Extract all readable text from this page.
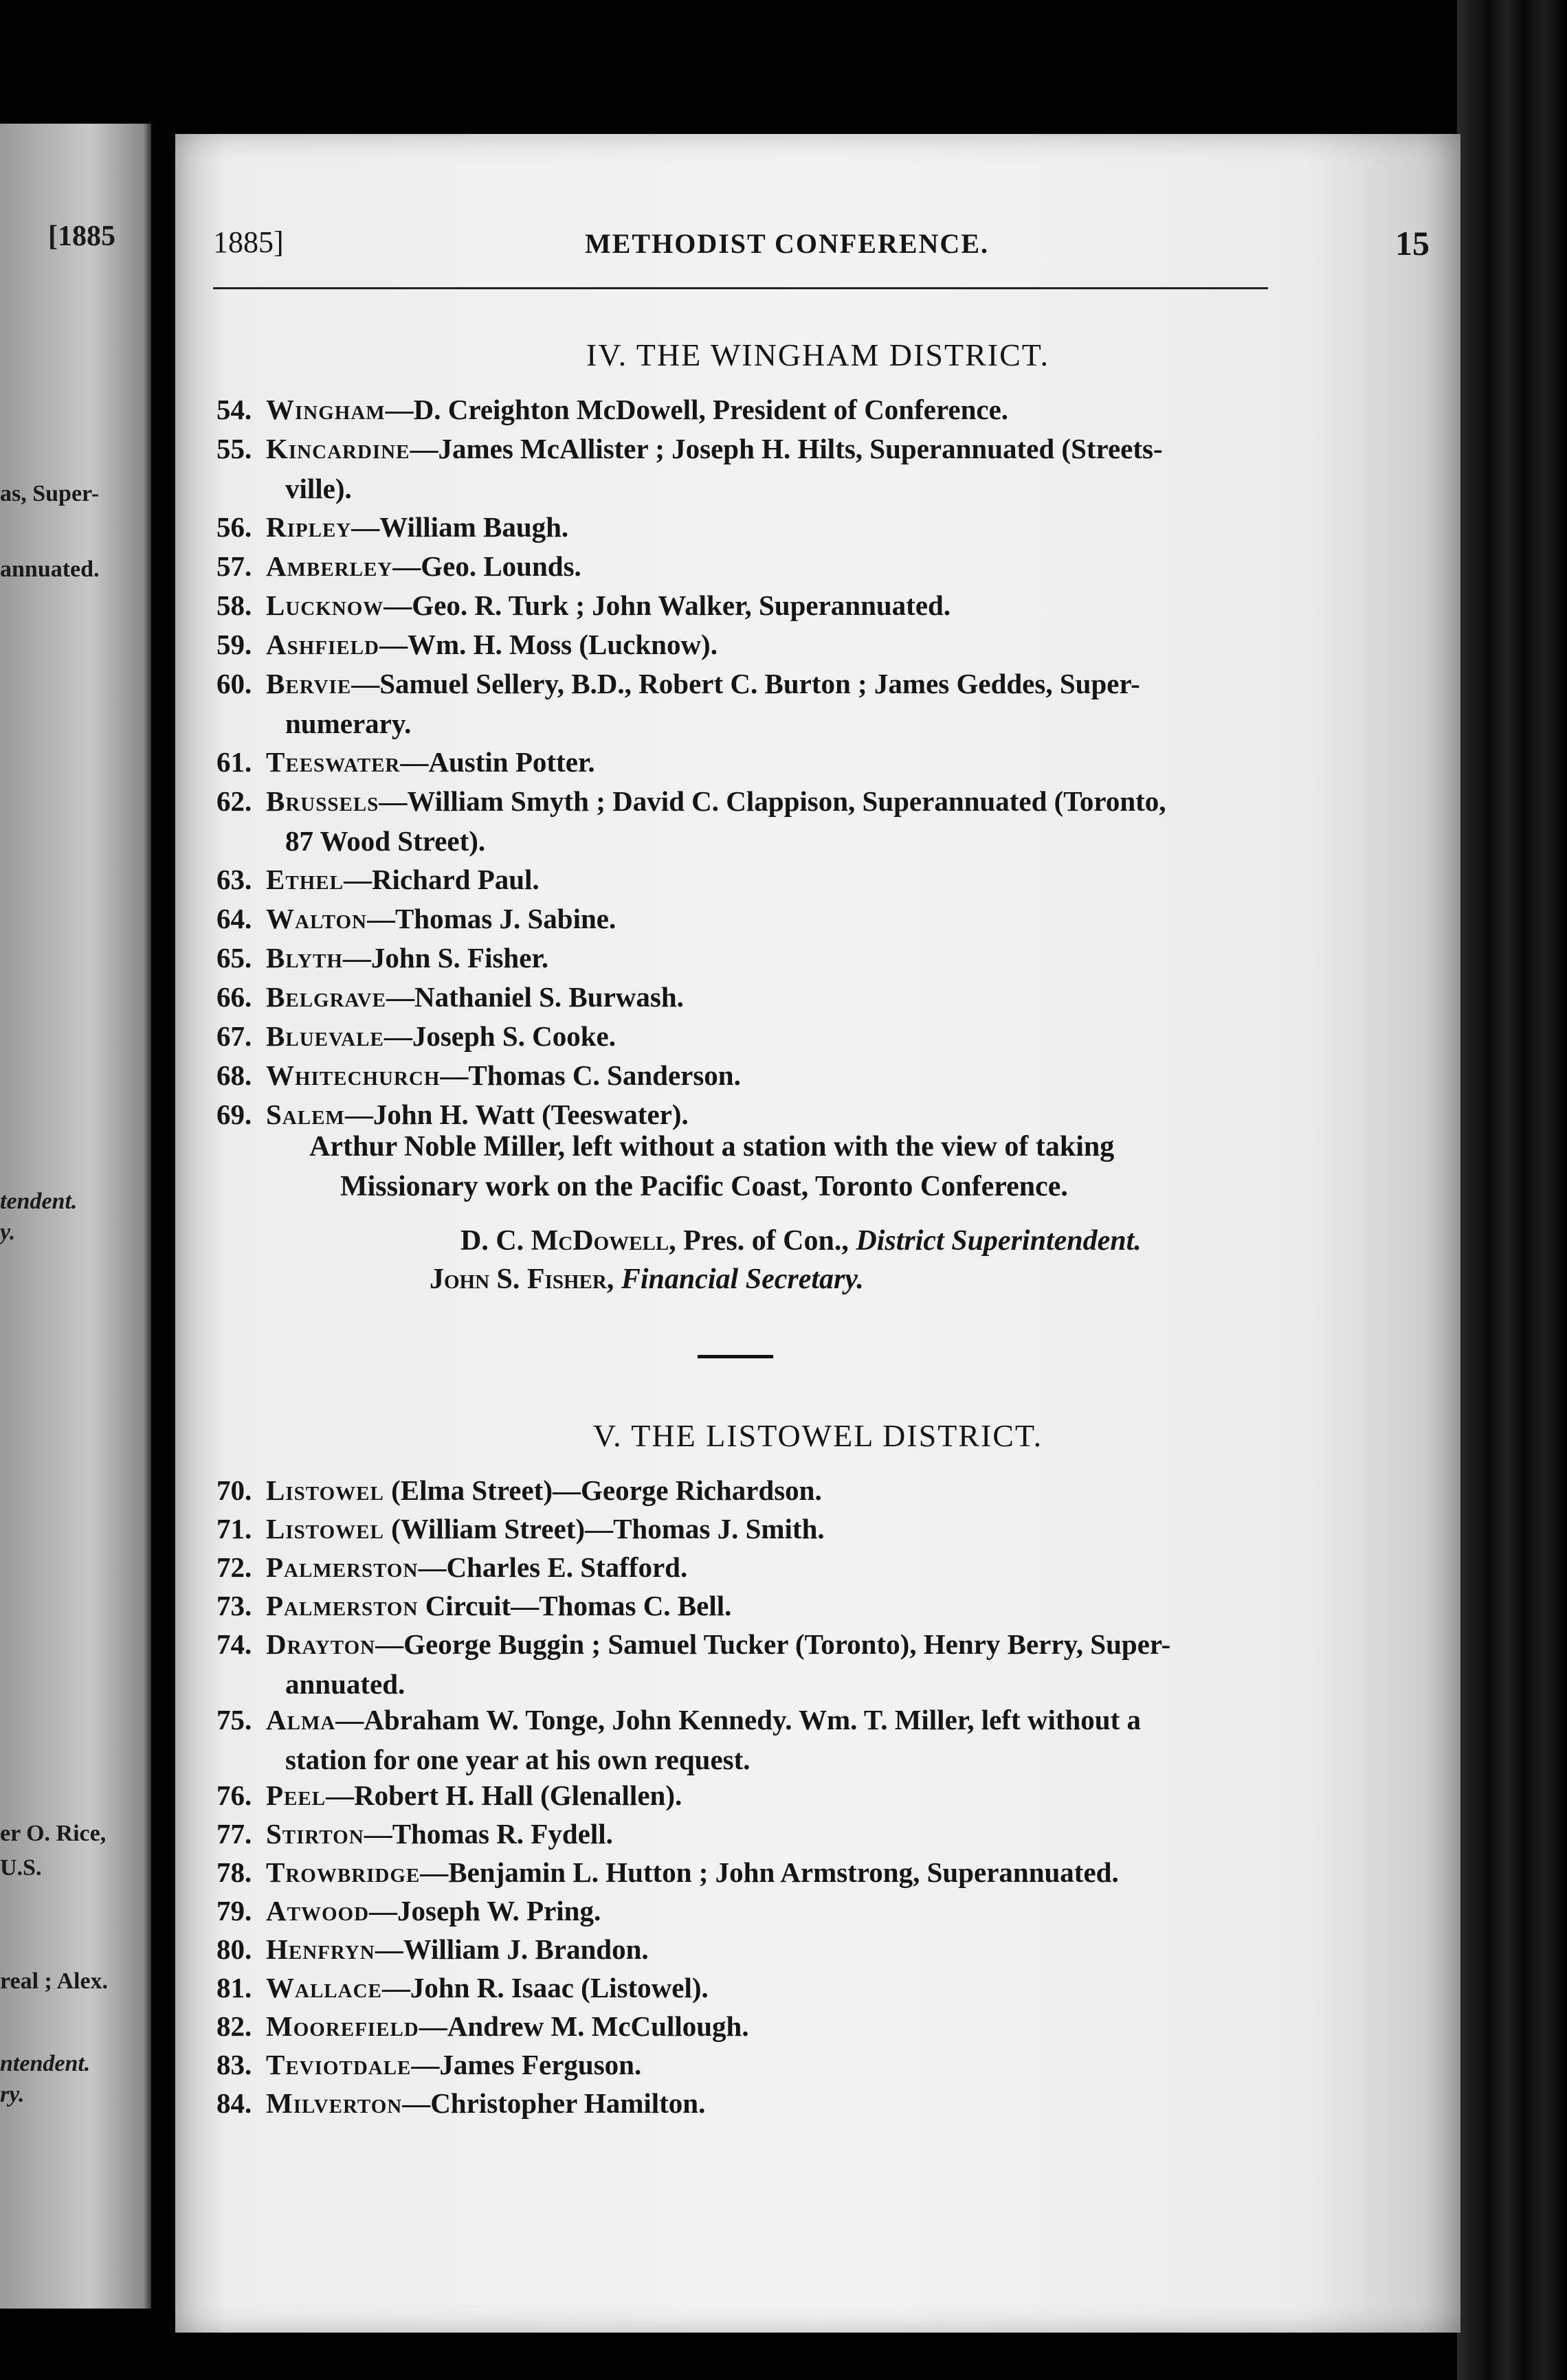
[1885
as, Super-
annuated.
tendent.
y.
er O. Rice,
U.S.
real ; Alex.
ntendent.
ry.
1885]	METHODIST CONFERENCE.	15
IV. THE WINGHAM DISTRICT.
54. Wingham—D. Creighton McDowell, President of Conference.
55. Kincardine—James McAllister ; Joseph H. Hilts, Superannuated (Streets-
ville).
56. Ripley—William Baugh.
57. Amberley—Geo. Lounds.
58. Lucknow—Geo. R. Turk ; John Walker, Superannuated.
59. Ashfield—Wm. H. Moss (Lucknow).
60. Bervie—Samuel Sellery, B.D., Robert C. Burton ; James Geddes, Super-
numerary.
61. Teeswater—Austin Potter.
62. Brussels—William Smyth ; David C. Clappison, Superannuated (Toronto,
87 Wood Street).
63. Ethel—Richard Paul.
64. Walton—Thomas J. Sabine.
65. Blyth—John S. Fisher.
66. Belgrave—Nathaniel S. Burwash.
67. Bluevale—Joseph S. Cooke.
68. Whitechurch—Thomas C. Sanderson.
69. Salem—John H. Watt (Teeswater).
Arthur Noble Miller, left without a station with the view of taking
Missionary work on the Pacific Coast, Toronto Conference.
D. C. McDowell, Pres. of Con., District Superintendent.
John S. Fisher, Financial Secretary.
V. THE LISTOWEL DISTRICT.
70. Listowel (Elma Street)—George Richardson.
71. Listowel (William Street)—Thomas J. Smith.
72. Palmerston—Charles E. Stafford.
73. Palmerston Circuit—Thomas C. Bell.
74. Drayton—George Buggin ; Samuel Tucker (Toronto), Henry Berry, Super-
annuated.
75. Alma—Abraham W. Tonge, John Kennedy. Wm. T. Miller, left without a
station for one year at his own request.
76. Peel—Robert H. Hall (Glenallen).
77. Stirton—Thomas R. Fydell.
78. Trowbridge—Benjamin L. Hutton ; John Armstrong, Superannuated.
79. Atwood—Joseph W. Pring.
80. Henfryn—William J. Brandon.
81. Wallace—John R. Isaac (Listowel).
82. Moorefield—Andrew M. McCullough.
83. Teviotdale—James Ferguson.
84. Milverton—Christopher Hamilton.
